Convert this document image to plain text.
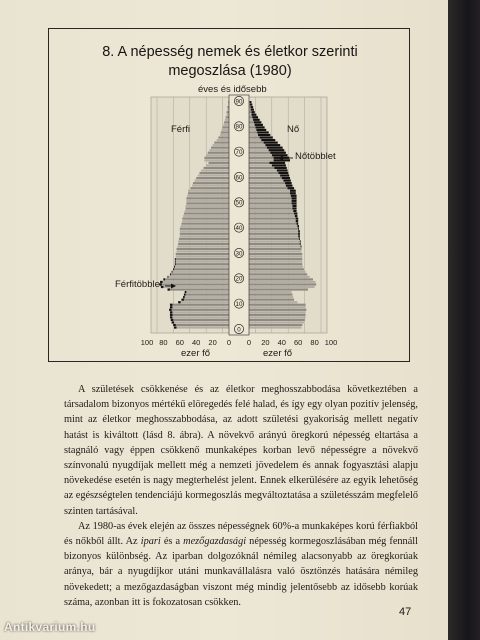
8. A népesség nemek és életkor szerinti
megoszlása (1980)
0
10
20
30
40
50
60
70
80
90
100 80 60 40 20 0 0 20 40 60 80 100
éves és idősebb
Férfi	Nő
Nőtöbblet
Férfitöbblet
ezer fő	ezer fő

A születések csökkenése és az életkor meghosszabbodása következtében a társadalom bizonyos mértékű elöregedés felé halad, és így egy olyan pozitív jelenség, mint az életkor meghosszabbodása, az adott születési gyakoriság mellett negatív hatást is kiváltott (lásd 8. ábra). A növekvő arányú öregkorú népesség eltartása a stagnáló vagy éppen csökkenő munkaképes korban levő népességre a növekvő színvonalú nyugdíjak mellett még a nemzeti jövedelem és annak fogyasztási alapju növekedése esetén is nagy megterhelést jelent. Ennek elkerülésére az egyik lehetőség az egészségtelen tendenciájú kormegoszlás megváltoztatása a születésszám megfelelő szinten tartásával.

Az 1980-as évek elején az összes népességnek 60%-a munkaképes korú férfiakból és nőkből állt. Az ipari és a mezőgazdasági népesség kormegoszlásában még fennáll bizonyos különbség. Az iparban dolgozóknál némileg alacsonyabb az öregkorúak aránya, bár a nyugdíjkor utáni munkavállalásra való ösztönzés hatására némileg növekedett; a mezőgazdaságban viszont még mindig jelentősebb az idősebb korúak száma, azonban itt is fokozatosan csökken.

47
Antikvarium.hu
